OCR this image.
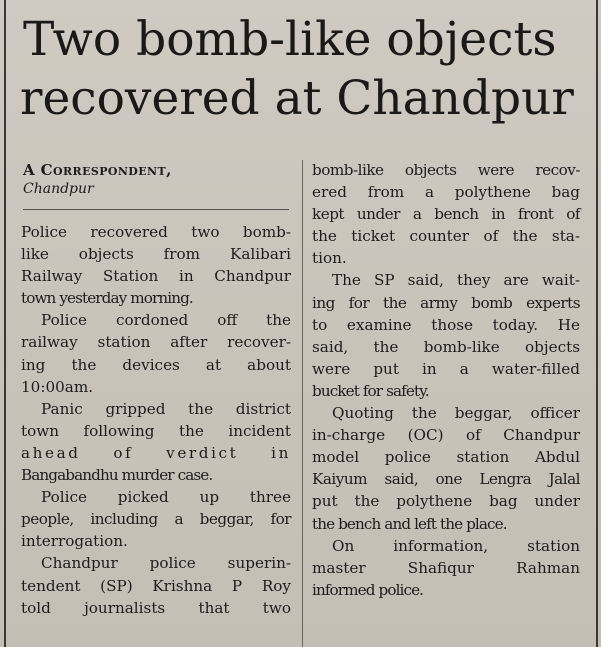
Two bomb-like objects
recovered at Chandpur
A Correspondent,
Chandpur
Police recovered two bomb-
like objects from Kalibari
Railway Station in Chandpur
town yesterday morning.
Police cordoned off the
railway station after recover-
ing the devices at about
10:00am.
Panic gripped the district
town following the incident
ahead of verdict in
Bangabandhu murder case.
Police picked up three
people, including a beggar, for
interrogation.
Chandpur police superin-
tendent (SP) Krishna P Roy
told journalists that two
bomb-like objects were recov-
ered from a polythene bag
kept under a bench in front of
the ticket counter of the sta-
tion.
The SP said, they are wait-
ing for the army bomb experts
to examine those today. He
said, the bomb-like objects
were put in a water-filled
bucket for safety.
Quoting the beggar, officer
in-charge (OC) of Chandpur
model police station Abdul
Kaiyum said, one Lengra Jalal
put the polythene bag under
the bench and left the place.
On information, station
master Shafiqur Rahman
informed police.
